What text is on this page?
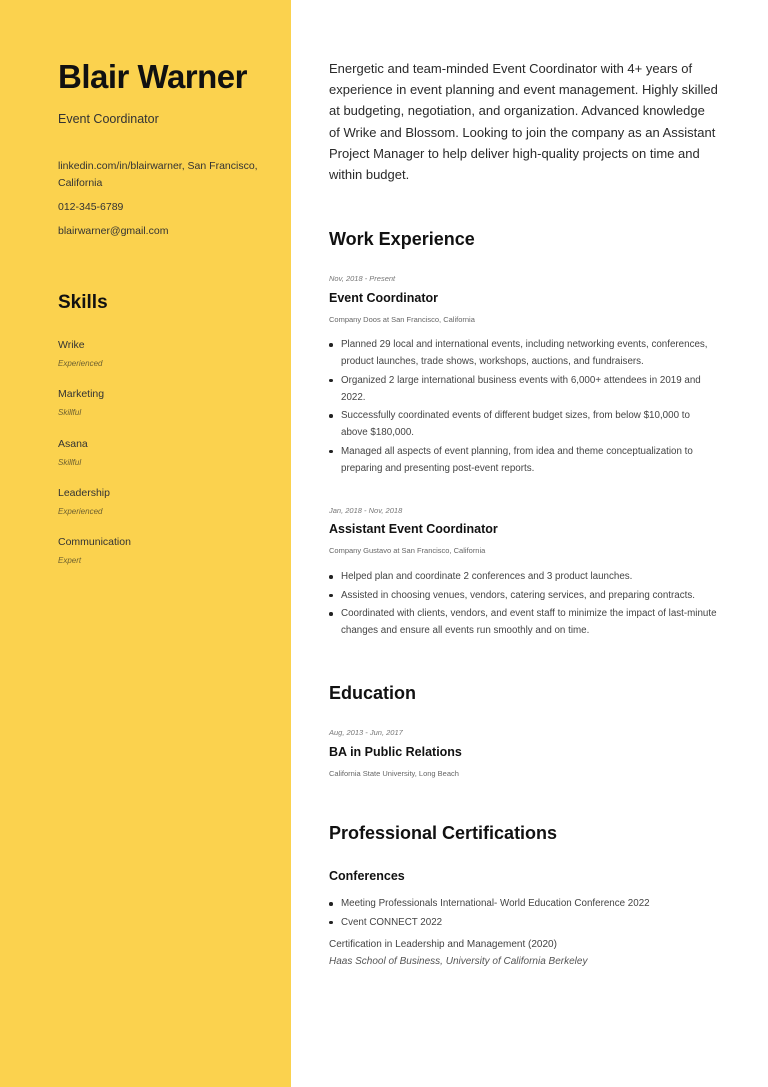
Blair Warner
Event Coordinator
linkedin.com/in/blairwarner, San Francisco,
California
012-345-6789
blairwarner@gmail.com
Skills
Wrike
Experienced
Marketing
Skillful
Asana
Skillful
Leadership
Experienced
Communication
Expert
Energetic and team-minded Event Coordinator with 4+ years of experience in event planning and event management. Highly skilled at budgeting, negotiation, and organization. Advanced knowledge of Wrike and Blossom. Looking to join the company as an Assistant Project Manager to help deliver high-quality projects on time and within budget.
Work Experience
Nov, 2018 - Present
Event Coordinator
Company Doos at San Francisco, California
Planned 29 local and international events, including networking events, conferences, product launches, trade shows, workshops, auctions, and fundraisers.
Organized 2 large international business events with 6,000+ attendees in 2019 and 2022.
Successfully coordinated events of different budget sizes, from below $10,000 to above $180,000.
Managed all aspects of event planning, from idea and theme conceptualization to preparing and presenting post-event reports.
Jan, 2018 - Nov, 2018
Assistant Event Coordinator
Company Gustavo at San Francisco, California
Helped plan and coordinate 2 conferences and 3 product launches.
Assisted in choosing venues, vendors, catering services, and preparing contracts.
Coordinated with clients, vendors, and event staff to minimize the impact of last-minute changes and ensure all events run smoothly and on time.
Education
Aug, 2013 - Jun, 2017
BA in Public Relations
California State University, Long Beach
Professional Certifications
Conferences
Meeting Professionals International- World Education Conference 2022
Cvent CONNECT 2022
Certification in Leadership and Management (2020)
Haas School of Business, University of California Berkeley
